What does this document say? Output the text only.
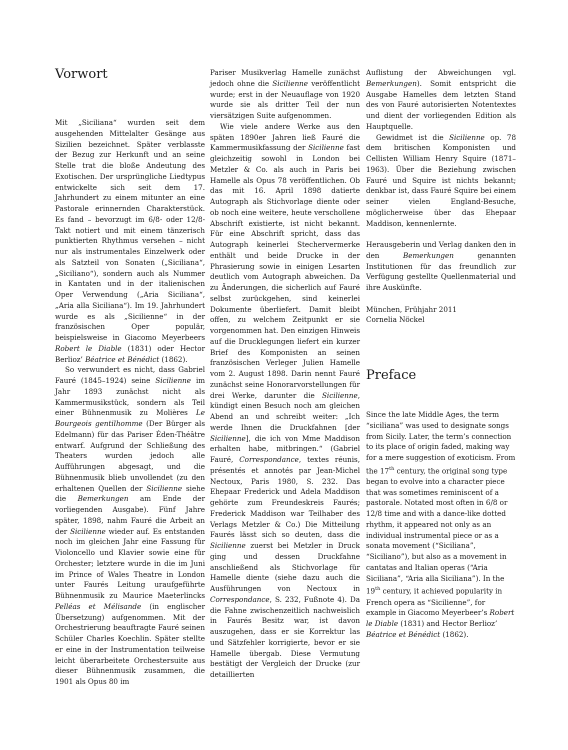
Vorwort

Mit „Siciliana“ wurden seit dem ausgehenden Mittelalter Gesänge aus Sizilien bezeichnet. Später verblasste der Bezug zur Herkunft und an seine Stelle trat die bloße Andeutung des Exotischen. Der ursprüngliche Liedtypus entwickelte sich seit dem 17. Jahrhundert zu einem mitunter an eine Pastorale erinnernden Charakterstück. Es fand – bevorzugt im 6/8- oder 12/8-Takt notiert und mit einem tänzerisch punktierten Rhythmus versehen – nicht nur als instrumentales Einzelwerk oder als Satzteil von Sonaten („Siciliana“, „Siciliano“), sondern auch als Nummer in Kantaten und in der italienischen Oper Verwendung („Aria Siciliana“, „Aria alla Siciliana“). Im 19. Jahrhundert wurde es als „Sicilienne“ in der französischen Oper populär, beispielsweise in Giacomo Meyerbeers Robert le Diable (1831) oder Hector Berlioz’ Béatrice et Bénédict (1862).

So verwundert es nicht, dass Gabriel Fauré (1845–1924) seine Sicilienne im Jahr 1893 zunächst nicht als Kammermusikstück, sondern als Teil einer Bühnenmusik zu Molières Le Bourgeois gentilhomme (Der Bürger als Edelmann) für das Pariser Éden-Théâtre entwarf. Aufgrund der Schließung des Theaters wurden jedoch alle Aufführungen abgesagt, und die Bühnenmusik blieb unvollendet (zu den erhaltenen Quellen der Sicilienne siehe die Bemerkungen am Ende der vorliegenden Ausgabe). Fünf Jahre später, 1898, nahm Fauré die Arbeit an der Sicilienne wieder auf. Es entstanden noch im gleichen Jahr eine Fassung für Violoncello und Klavier sowie eine für Orchester; letztere wurde in die im Juni im Prince of Wales Theatre in London unter Faurés Leitung uraufgeführte Bühnenmusik zu Maurice Maeterlincks Pelléas et Mélisande (in englischer Übersetzung) aufgenommen. Mit der Orchestrierung beauftragte Fauré seinen Schüler Charles Koechlin. Später stellte er eine in der Instrumentation teilweise leicht überarbeitete Orchestersuite aus dieser Bühnenmusik zusammen, die 1901 als Opus 80 im

Pariser Musikverlag Hamelle zunächst jedoch ohne die Sicilienne veröffentlicht wurde; erst in der Neuauflage von 1920 wurde sie als dritter Teil der nun viersätzigen Suite aufgenommen.

Wie viele andere Werke aus den späten 1890er Jahren ließ Fauré die Kammermusikfassung der Sicilienne fast gleichzeitig sowohl in London bei Metzler & Co. als auch in Paris bei Hamelle als Opus 78 veröffentlichen. Ob das mit 16. April 1898 datierte Autograph als Stichvorlage diente oder ob noch eine weitere, heute verschollene Abschrift existierte, ist nicht bekannt. Für eine Abschrift spricht, dass das Autograph keinerlei Stechervermerke enthält und beide Drucke in der Phrasierung sowie in einigen Lesarten deutlich vom Autograph abweichen. Da zu Änderungen, die sicherlich auf Fauré selbst zurückgehen, sind keinerlei Dokumente überliefert. Damit bleibt offen, zu welchem Zeitpunkt er sie vorgenommen hat. Den einzigen Hinweis auf die Drucklegungen liefert ein kurzer Brief des Komponisten an seinen französischen Verleger Julien Hamelle vom 2. August 1898. Darin nennt Fauré zunächst seine Honorarvorstellungen für drei Werke, darunter die Sicilienne, kündigt einen Besuch noch am gleichen Abend an und schreibt weiter: „Ich werde Ihnen die Druckfahnen [der Sicilienne], die ich von Mme Maddison erhalten habe, mitbringen.“ (Gabriel Fauré, Correspondance, textes réunis, présentés et annotés par Jean-Michel Nectoux, Paris 1980, S. 232. Das Ehepaar Frederick und Adela Maddison gehörte zum Freundeskreis Faurés; Frederick Maddison war Teilhaber des Verlags Metzler & Co.) Die Mitteilung Faurés lässt sich so deuten, dass die Sicilienne zuerst bei Metzler in Druck ging und dessen Druckfahne anschließend als Stichvorlage für Hamelle diente (siehe dazu auch die Ausführungen von Nectoux in Correspondance, S. 232, Fußnote 4). Da die Fahne zwischenzeitlich nachweislich in Faurés Besitz war, ist davon auszugehen, dass er sie Korrektur las und Sätzfehler korrigierte, bevor er sie Hamelle übergab. Diese Vermutung bestätigt der Vergleich der Drucke (zur detaillierten

Auflistung der Abweichungen vgl. Bemerkungen). Somit entspricht die Ausgabe Hamelles dem letzten Stand des von Fauré autorisierten Notentextes und dient der vorliegenden Edition als Hauptquelle.

Gewidmet ist die Sicilienne op. 78 dem britischen Komponisten und Cellisten William Henry Squire (1871–1963). Über die Beziehung zwischen Fauré und Squire ist nichts bekannt; denkbar ist, dass Fauré Squire bei einem seiner vielen England-Besuche, möglicherweise über das Ehepaar Maddison, kennenlernte.

Herausgeberin und Verlag danken den in den Bemerkungen genannten Institutionen für das freundlich zur Verfügung gestellte Quellenmaterial und ihre Auskünfte.

München, Frühjahr 2011

Cornelia Nöckel

Preface

Since the late Middle Ages, the term “siciliana” was used to designate songs from Sicily. Later, the term’s connection to its place of origin faded, making way for a mere suggestion of exoticism. From the 17th century, the original song type began to evolve into a character piece that was sometimes reminiscent of a pastorale. Notated most often in 6/8 or 12/8 time and with a dance-like dotted rhythm, it appeared not only as an individual instrumental piece or as a sonata movement (“Siciliana”, “Siciliano”), but also as a movement in cantatas and Italian operas (“Aria Siciliana”, “Aria alla Siciliana”). In the 19th century, it achieved popularity in French opera as “Sicilienne”, for example in Giacomo Meyerbeer’s Robert le Diable (1831) and Hector Berlioz’ Béatrice et Bénédict (1862).
